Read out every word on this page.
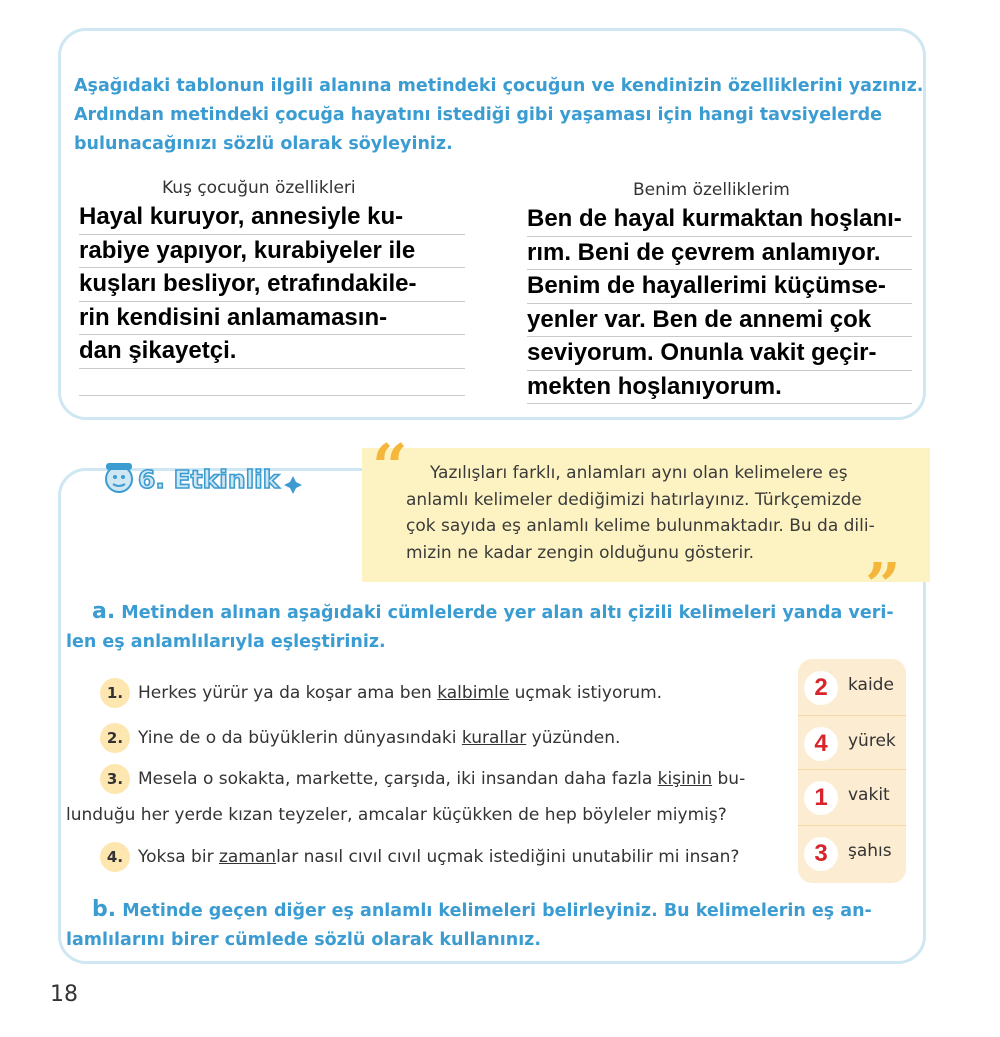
Aşağıdaki tablonun ilgili alanına metindeki çocuğun ve kendinizin özelliklerini yazınız.
Ardından metindeki çocuğa hayatını istediği gibi yaşaması için hangi tavsiyelerde
bulunacağınızı sözlü olarak söyleyiniz.
Kuş çocuğun özellikleri	Benim özelliklerim
Hayal kuruyor, annesiyle ku-
rabiye yapıyor, kurabiyeler ile
kuşları besliyor, etrafındakile-
rin kendisini anlamamasın-
dan şikayetçi.
Ben de hayal kurmaktan hoşlanı-
rım. Beni de çevrem anlamıyor.
Benim de hayallerimi küçümse-
yenler var. Ben de annemi çok
seviyorum. Onunla vakit geçir-
mekten hoşlanıyorum.
6. Etkinlik	Yazılışları farklı, anlamları aynı olan kelimelere eş
anlamlı kelimeler dediğimizi hatırlayınız. Türkçemizde
çok sayıda eş anlamlı kelime bulunmaktadır. Bu da dili-
mizin ne kadar zengin olduğunu gösterir.
“
”
a. Metinden alınan aşağıdaki cümlelerde yer alan altı çizili kelimeleri yanda veri-
len eş anlamlılarıyla eşleştiriniz.
1. Herkes yürür ya da koşar ama ben kalbimle uçmak istiyorum.
2. Yine de o da büyüklerin dünyasındaki kurallar yüzünden.
3. Mesela o sokakta, markette, çarşıda, iki insandan daha fazla kişinin bu-
lunduğu her yerde kızan teyzeler, amcalar küçükken de hep böyleler miymiş?
4. Yoksa bir zamanlar nasıl cıvıl cıvıl uçmak istediğini unutabilir mi insan?
2	kaide
4	yürek
1	vakit
3	şahıs
b. Metinde geçen diğer eş anlamlı kelimeleri belirleyiniz. Bu kelimelerin eş an-
lamlılarını birer cümlede sözlü olarak kullanınız.
18
